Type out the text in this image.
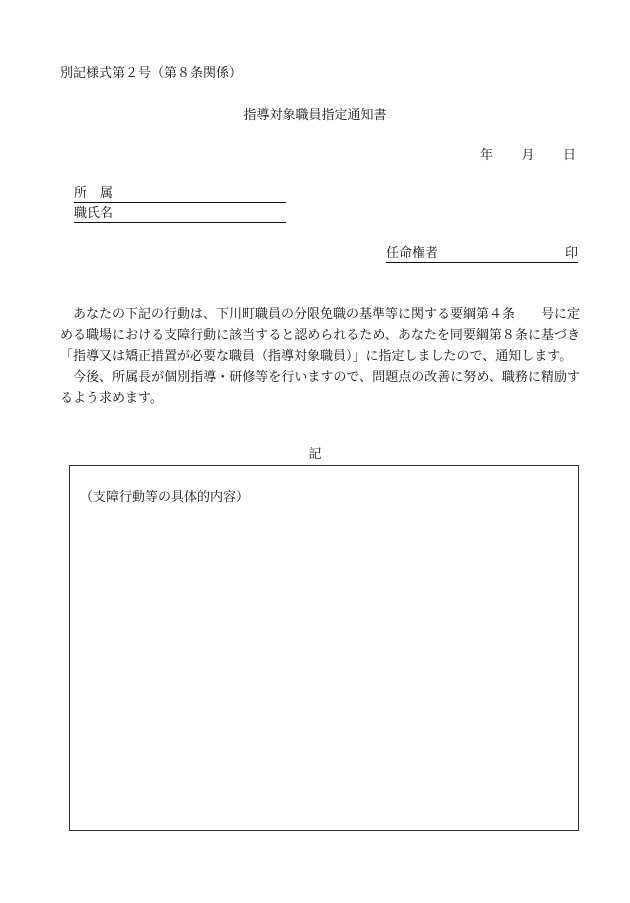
別記様式第２号（第８条関係）
指導対象職員指定通知書
年 月 日
所　属
職氏名
任命権者	印

あなたの下記の行動は、下川町職員の分限免職の基準等に関する要綱第４条　　号に定める職場における支障行動に該当すると認められるため、あなたを同要綱第８条に基づき「指導又は矯正措置が必要な職員（指導対象職員）」に指定しましたので、通知します。

今後、所属長が個別指導・研修等を行いますので、問題点の改善に努め、職務に精励するよう求めます。

記
（支障行動等の具体的内容）
